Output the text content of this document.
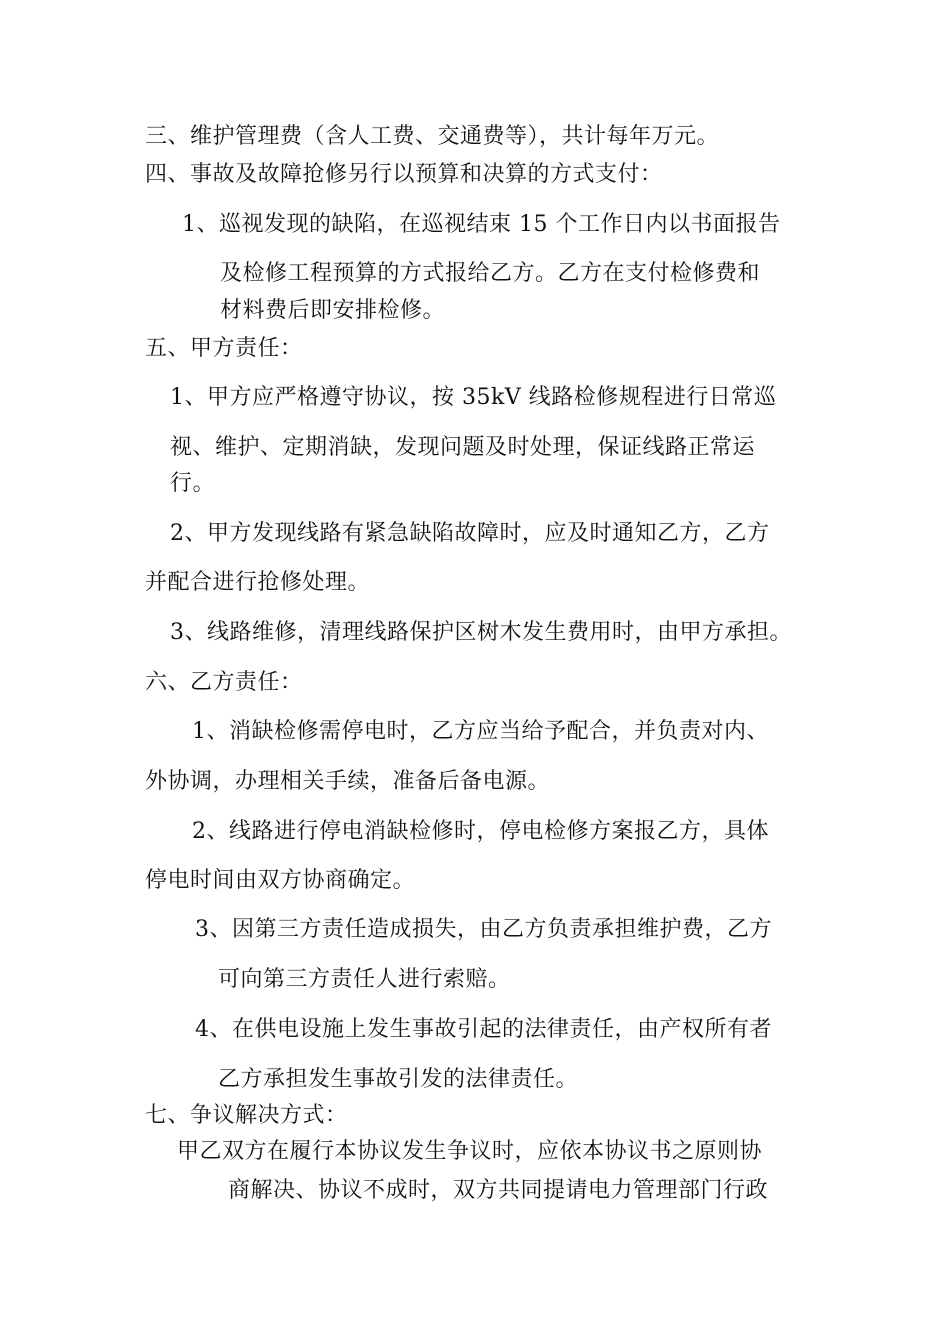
三、维护管理费（含人工费、交通费等），共计每年万元。
四、事故及故障抢修另行以预算和决算的方式支付：
1、巡视发现的缺陷，在巡视结束 15 个工作日内以书面报告
及检修工程预算的方式报给乙方。乙方在支付检修费和
材料费后即安排检修。
五、甲方责任：
1、甲方应严格遵守协议，按 35kV 线路检修规程进行日常巡
视、维护、定期消缺，发现问题及时处理，保证线路正常运
行。
2、甲方发现线路有紧急缺陷故障时，应及时通知乙方，乙方
并配合进行抢修处理。
3、线路维修，清理线路保护区树木发生费用时，由甲方承担。
六、乙方责任：
1、消缺检修需停电时，乙方应当给予配合，并负责对内、
外协调，办理相关手续，准备后备电源。
2、线路进行停电消缺检修时，停电检修方案报乙方，具体
停电时间由双方协商确定。
3、因第三方责任造成损失，由乙方负责承担维护费，乙方
可向第三方责任人进行索赔。
4、在供电设施上发生事故引起的法律责任，由产权所有者
乙方承担发生事故引发的法律责任。
七、争议解决方式：
甲乙双方在履行本协议发生争议时，应依本协议书之原则协
商解决、协议不成时，双方共同提请电力管理部门行政
